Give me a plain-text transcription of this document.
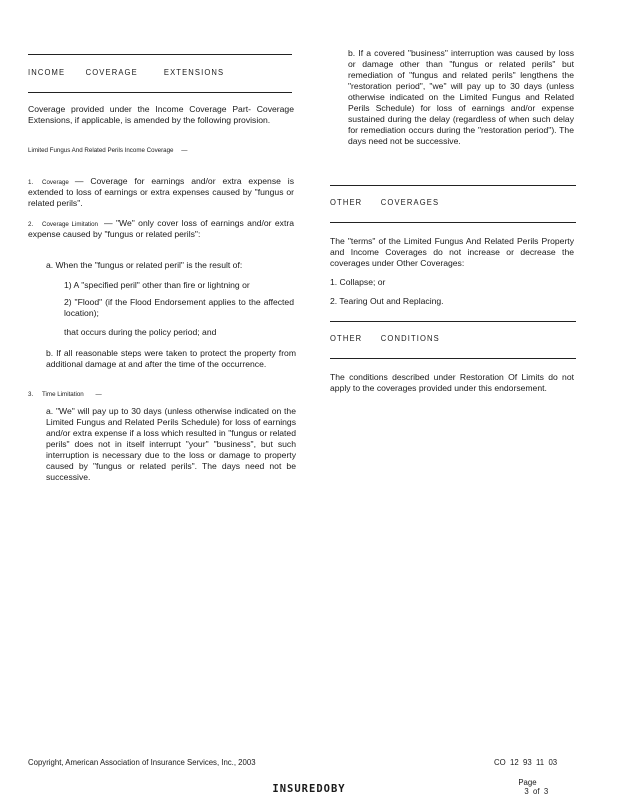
INCOME	COVERAGE	EXTENSIONS
Coverage provided under the Income Coverage Part- Coverage Extensions, if applicable, is amended by the following provision.
Limited Fungus And Related Perils Income Coverage —
1. Coverage — Coverage for earnings and/or extra expense is extended to loss of earnings or extra expenses caused by "fungus or related perils".
2. Coverage Limitation — "We" only cover loss of earnings and/or extra expense caused by "fungus or related perils":
a. When the "fungus or related peril" is the result of:
1) A "specified peril" other than fire or lightning or
2) "Flood" (if the Flood Endorsement applies to the affected location);
that occurs during the policy period; and
b. If all reasonable steps were taken to protect the property from additional damage at and after the time of the occurrence.
3. Time Limitation —
a. "We" will pay up to 30 days (unless otherwise indicated on the Limited Fungus and Related Perils Schedule) for loss of earnings and/or extra expense if a loss which resulted in "fungus or related perils" does not in itself interrupt "your" "business", but such interruption is necessary due to the loss or damage to property caused by "fungus or related perils". The days need not be successive.
b. If a covered "business" interruption was caused by loss or damage other than "fungus or related perils" but remediation of "fungus and related perils" lengthens the "restoration period", "we" will pay up to 30 days (unless otherwise indicated on the Limited Fungus and Related Perils Schedule) for loss of earnings and/or expense sustained during the delay (regardless of when such delay for remediation occurs during the "restoration period"). The days need not be successive.
OTHER COVERAGES
The "terms" of the Limited Fungus And Related Perils Property and Income Coverages do not increase or decrease the coverages under Other Coverages:
1. Collapse; or
2. Tearing Out and Replacing.
OTHER CONDITIONS
The conditions described under Restoration Of Limits do not apply to the coverages provided under this endorsement.
Copyright, American Association of Insurance Services, Inc., 2003	CO  12  93  11  03

Page
3  of  3

INSUREDOBY
